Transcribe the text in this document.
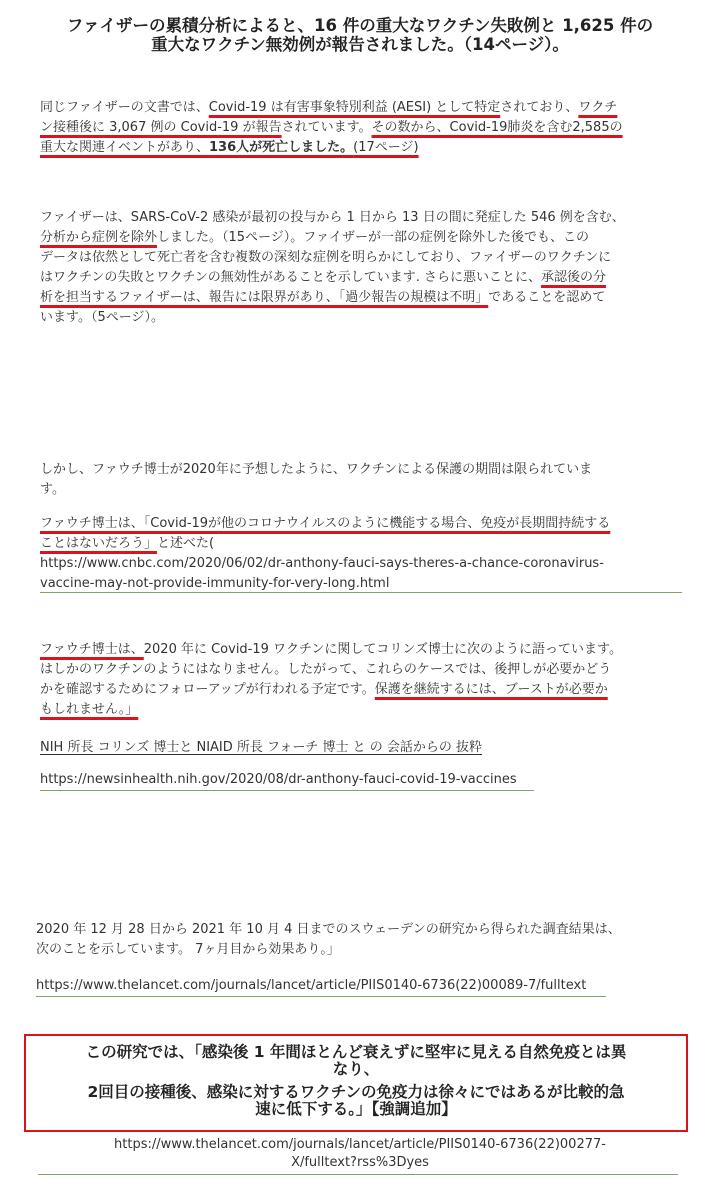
ファイザーの累積分析によると、16 件の重大なワクチン失敗例と 1,625 件の
重大なワクチン無効例が報告されました。（14ページ）。
同じファイザーの文書では、Covid-19 は有害事象特別利益 (AESI) として特定されており、ワクチ
ン接種後に 3,067 例の Covid-19 が報告されています。その数から、Covid-19肺炎を含む2,585の
重大な関連イベントがあり、136人が死亡しました。(17ページ)
ファイザーは、SARS-CoV-2 感染が最初の投与から 1 日から 13 日の間に発症した 546 例を含む、
分析から症例を除外しました。（15ページ）。ファイザーが一部の症例を除外した後でも、この
データは依然として死亡者を含む複数の深刻な症例を明らかにしており、ファイザーのワクチンに
はワクチンの失敗とワクチンの無効性があることを示しています. さらに悪いことに、承認後の分
析を担当するファイザーは、報告には限界があり、「過少報告の規模は不明」であることを認めて
います。（5ページ）。
しかし、ファウチ博士が2020年に予想したように、ワクチンによる保護の期間は限られていま
す。
ファウチ博士は、「Covid-19が他のコロナウイルスのように機能する場合、免疫が長期間持続する
ことはないだろう」と述べた(
https://www.cnbc.com/2020/06/02/dr-anthony-fauci-says-theres-a-chance-coronavirus-
vaccine-may-not-provide-immunity-for-very-long.html
ファウチ博士は、2020 年に Covid-19 ワクチンに関してコリンズ博士に次のように語っています。
はしかのワクチンのようにはなりません。したがって、これらのケースでは、後押しが必要かどう
かを確認するためにフォローアップが行われる予定です。保護を継続するには、ブーストが必要か
もしれません。」
NIH 所長 コリンズ 博士と NIAID 所長 フォーチ 博士 と の 会話からの 抜粋
https://newsinhealth.nih.gov/2020/08/dr-anthony-fauci-covid-19-vaccines
2020 年 12 月 28 日から 2021 年 10 月 4 日までのスウェーデンの研究から得られた調査結果は、
次のことを示しています。 7ヶ月目から効果あり。」
https://www.thelancet.com/journals/lancet/article/PIIS0140-6736(22)00089-7/fulltext
この研究では、「感染後 1 年間ほとんど衰えずに堅牢に見える自然免疫とは異
なり、
2回目の接種後、感染に対するワクチンの免疫力は徐々にではあるが比較的急
速に低下する。」【強調追加】
https://www.thelancet.com/journals/lancet/article/PIIS0140-6736(22)00277-
X/fulltext?rss%3Dyes
